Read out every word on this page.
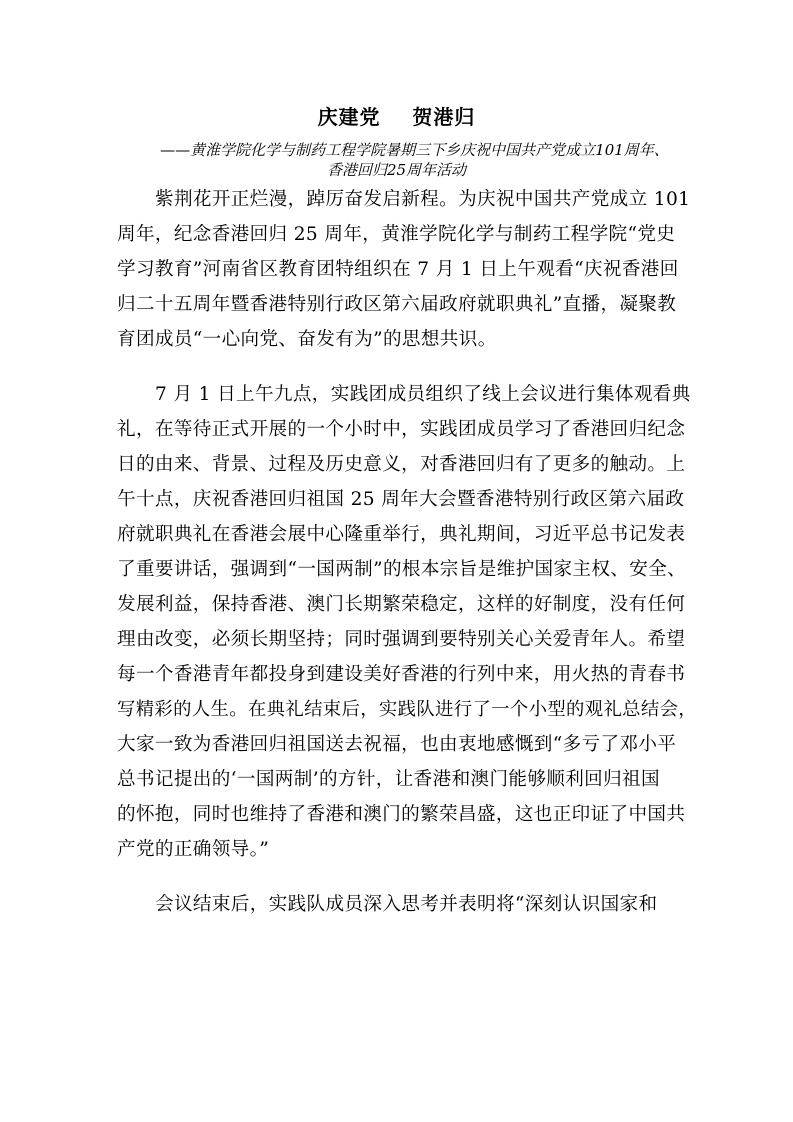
庆建党    贺港归
——黄淮学院化学与制药工程学院暑期三下乡庆祝中国共产党成立101周年、
香港回归25周年活动
紫荆花开正烂漫，踔厉奋发启新程。为庆祝中国共产党成立 101
周年，纪念香港回归 25 周年，黄淮学院化学与制药工程学院“党史
学习教育”河南省区教育团特组织在 7 月 1 日上午观看“庆祝香港回
归二十五周年暨香港特别行政区第六届政府就职典礼”直播，凝聚教
育团成员“一心向党、奋发有为”的思想共识。
7 月 1 日上午九点，实践团成员组织了线上会议进行集体观看典
礼，在等待正式开展的一个小时中，实践团成员学习了香港回归纪念
日的由来、背景、过程及历史意义，对香港回归有了更多的触动。上
午十点，庆祝香港回归祖国 25 周年大会暨香港特别行政区第六届政
府就职典礼在香港会展中心隆重举行，典礼期间，习近平总书记发表
了重要讲话，强调到“一国两制”的根本宗旨是维护国家主权、安全、
发展利益，保持香港、澳门长期繁荣稳定，这样的好制度，没有任何
理由改变，必须长期坚持；同时强调到要特别关心关爱青年人。希望
每一个香港青年都投身到建设美好香港的行列中来，用火热的青春书
写精彩的人生。在典礼结束后，实践队进行了一个小型的观礼总结会，
大家一致为香港回归祖国送去祝福，也由衷地感慨到“多亏了邓小平
总书记提出的‘一国两制’的方针，让香港和澳门能够顺利回归祖国
的怀抱，同时也维持了香港和澳门的繁荣昌盛，这也正印证了中国共
产党的正确领导。”
会议结束后，实践队成员深入思考并表明将“深刻认识国家和
